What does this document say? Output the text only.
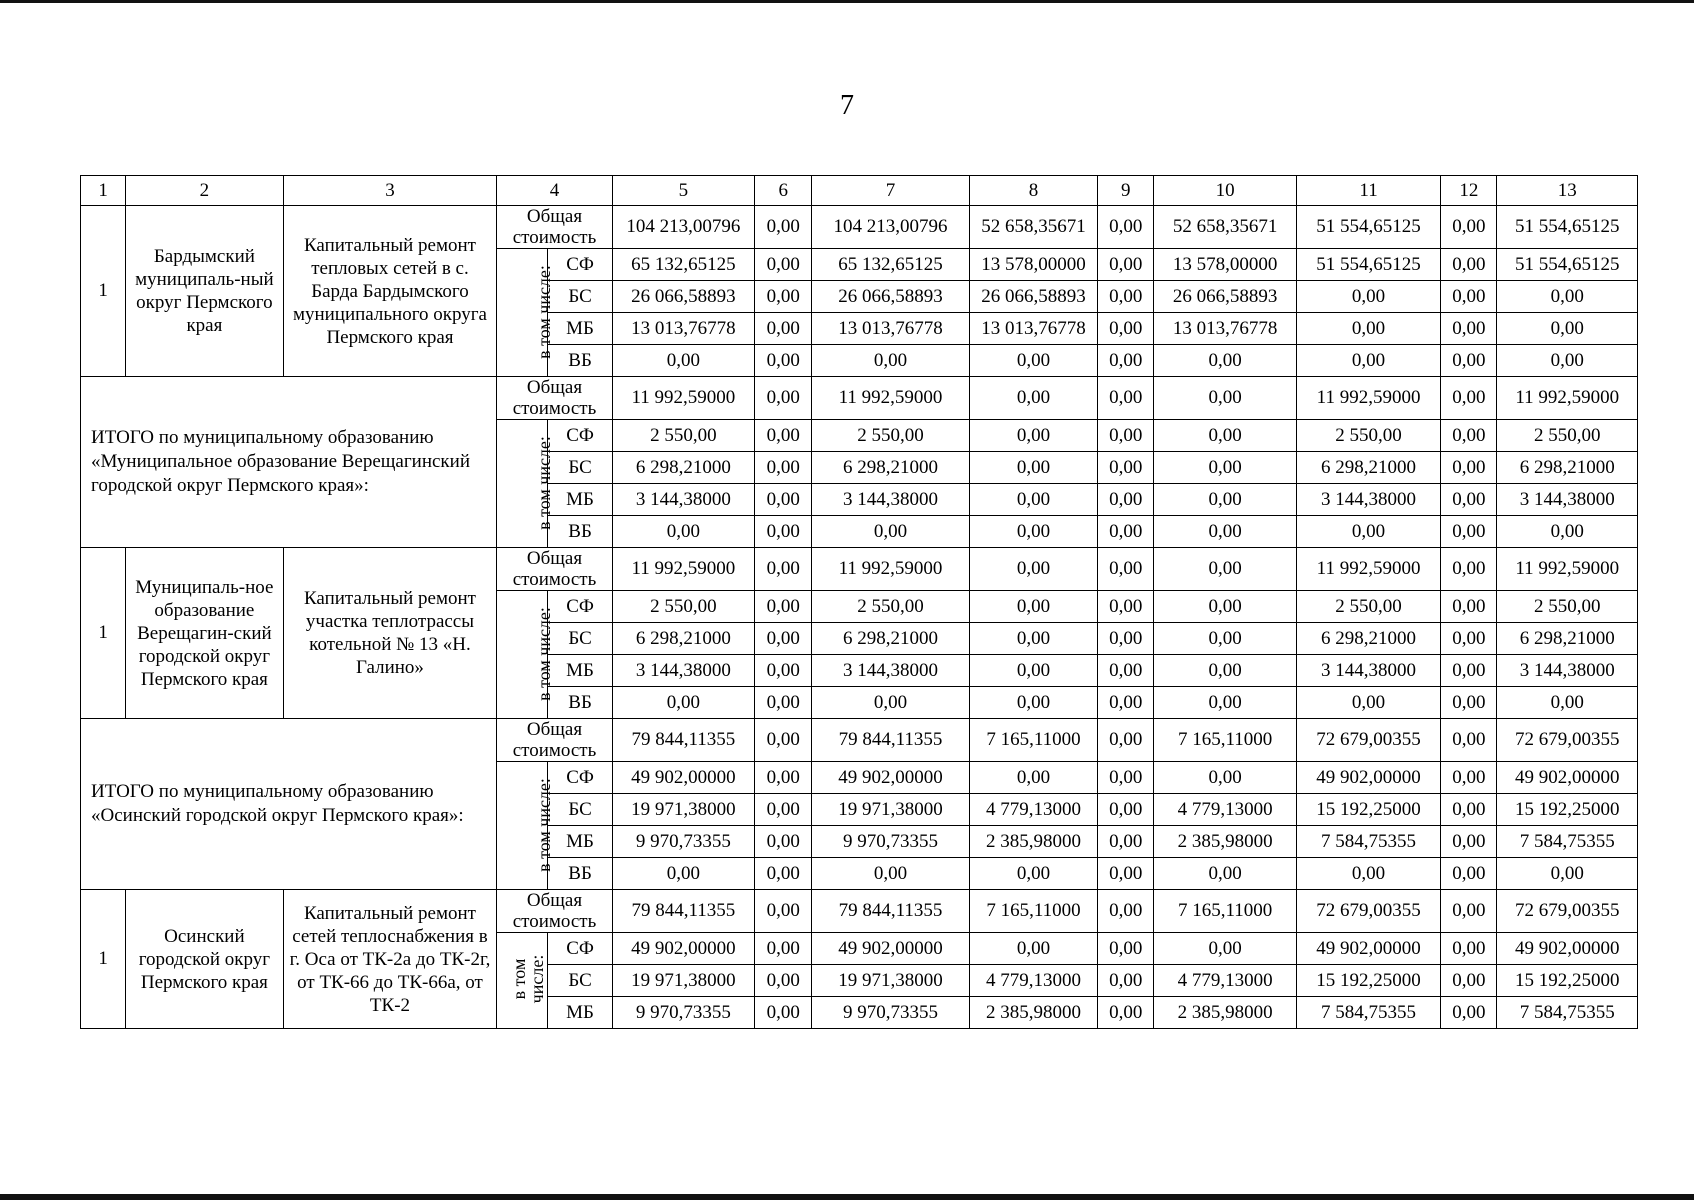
7
1	2	3	4		5	6	7	8	9	10	11	12	13
1	Бардымский муниципаль-ный округ Пермского края	Капитальный ремонт тепловых сетей в с. Барда Бардымского муниципального округа Пермского края	Общая стоимость		104 213,00796	0,00	104 213,00796	52 658,35671	0,00	52 658,35671	51 554,65125	0,00	51 554,65125
			в том числе:	СФ	65 132,65125	0,00	65 132,65125	13 578,00000	0,00	13 578,00000	51 554,65125	0,00	51 554,65125
				БС	26 066,58893	0,00	26 066,58893	26 066,58893	0,00	26 066,58893	0,00	0,00	0,00
				МБ	13 013,76778	0,00	13 013,76778	13 013,76778	0,00	13 013,76778	0,00	0,00	0,00
				ВБ	0,00	0,00	0,00	0,00	0,00	0,00	0,00	0,00	0,00
ИТОГО по муниципальному образованию «Муниципальное образование Верещагинский городской округ Пермского края»:			Общая стоимость		11 992,59000	0,00	11 992,59000	0,00	0,00	0,00	11 992,59000	0,00	11 992,59000
			в том числе:	СФ	2 550,00	0,00	2 550,00	0,00	0,00	0,00	2 550,00	0,00	2 550,00
				БС	6 298,21000	0,00	6 298,21000	0,00	0,00	0,00	6 298,21000	0,00	6 298,21000
				МБ	3 144,38000	0,00	3 144,38000	0,00	0,00	0,00	3 144,38000	0,00	3 144,38000
				ВБ	0,00	0,00	0,00	0,00	0,00	0,00	0,00	0,00	0,00
1	Муниципаль-ное образование Верещагин-ский городской округ Пермского края	Капитальный ремонт участка теплотрассы котельной № 13 «Н. Галино»	Общая стоимость		11 992,59000	0,00	11 992,59000	0,00	0,00	0,00	11 992,59000	0,00	11 992,59000
			в том числе:	СФ	2 550,00	0,00	2 550,00	0,00	0,00	0,00	2 550,00	0,00	2 550,00
				БС	6 298,21000	0,00	6 298,21000	0,00	0,00	0,00	6 298,21000	0,00	6 298,21000
				МБ	3 144,38000	0,00	3 144,38000	0,00	0,00	0,00	3 144,38000	0,00	3 144,38000
				ВБ	0,00	0,00	0,00	0,00	0,00	0,00	0,00	0,00	0,00
ИТОГО по муниципальному образованию «Осинский городской округ Пермского края»:			Общая стоимость		79 844,11355	0,00	79 844,11355	7 165,11000	0,00	7 165,11000	72 679,00355	0,00	72 679,00355
			в том числе:	СФ	49 902,00000	0,00	49 902,00000	0,00	0,00	0,00	49 902,00000	0,00	49 902,00000
				БС	19 971,38000	0,00	19 971,38000	4 779,13000	0,00	4 779,13000	15 192,25000	0,00	15 192,25000
				МБ	9 970,73355	0,00	9 970,73355	2 385,98000	0,00	2 385,98000	7 584,75355	0,00	7 584,75355
				ВБ	0,00	0,00	0,00	0,00	0,00	0,00	0,00	0,00	0,00
1	Осинский городской округ Пермского края	Капитальный ремонт сетей теплоснабжения в г. Оса от ТК-2а до ТК-2г, от ТК-66 до ТК-66а, от ТК-2	Общая стоимость		79 844,11355	0,00	79 844,11355	7 165,11000	0,00	7 165,11000	72 679,00355	0,00	72 679,00355
			в том числе:	СФ	49 902,00000	0,00	49 902,00000	0,00	0,00	0,00	49 902,00000	0,00	49 902,00000
				БС	19 971,38000	0,00	19 971,38000	4 779,13000	0,00	4 779,13000	15 192,25000	0,00	15 192,25000
				МБ	9 970,73355	0,00	9 970,73355	2 385,98000	0,00	2 385,98000	7 584,75355	0,00	7 584,75355
